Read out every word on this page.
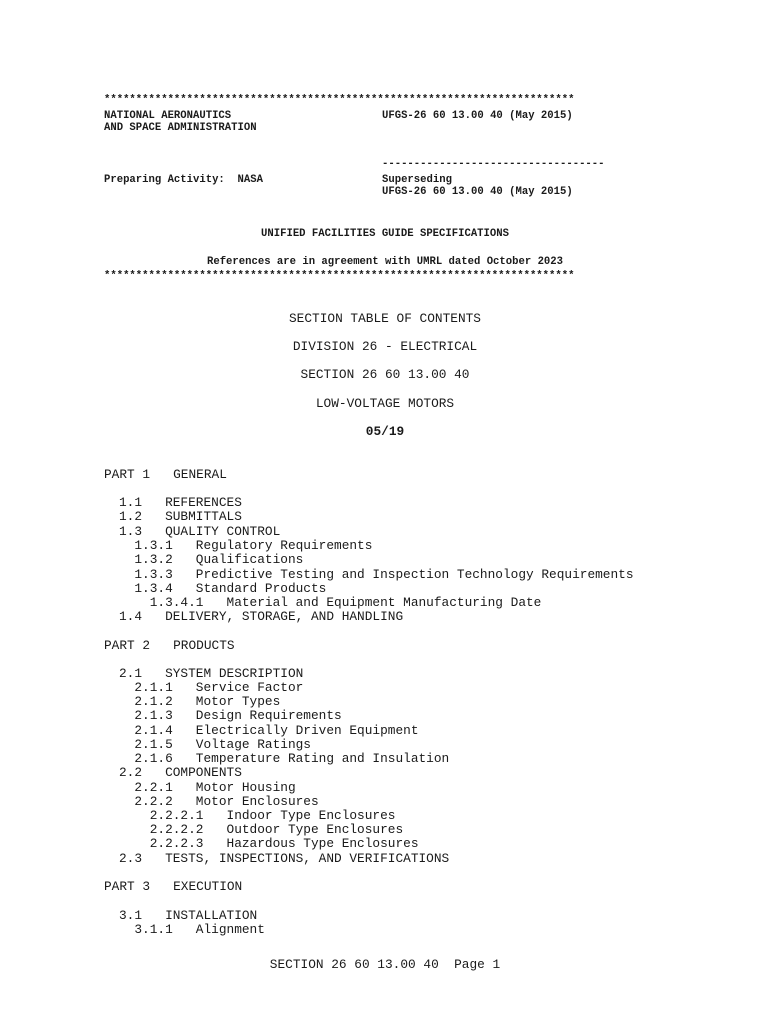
**************************************************************************
NATIONAL AERONAUTICS	UFGS-26 60 13.00 40 (May 2015)
AND SPACE ADMINISTRATION
-----------------------------------
Preparing Activity:  NASA	Superseding
UFGS-26 60 13.00 40 (May 2015)
UNIFIED FACILITIES GUIDE SPECIFICATIONS
References are in agreement with UMRL dated October 2023
**************************************************************************
SECTION TABLE OF CONTENTS
DIVISION 26 - ELECTRICAL
SECTION 26 60 13.00 40
LOW-VOLTAGE MOTORS
05/19
PART 1   GENERAL
1.1   REFERENCES
1.2   SUBMITTALS
1.3   QUALITY CONTROL
1.3.1   Regulatory Requirements
1.3.2   Qualifications
1.3.3   Predictive Testing and Inspection Technology Requirements
1.3.4   Standard Products
1.3.4.1   Material and Equipment Manufacturing Date
1.4   DELIVERY, STORAGE, AND HANDLING
PART 2   PRODUCTS
2.1   SYSTEM DESCRIPTION
2.1.1   Service Factor
2.1.2   Motor Types
2.1.3   Design Requirements
2.1.4   Electrically Driven Equipment
2.1.5   Voltage Ratings
2.1.6   Temperature Rating and Insulation
2.2   COMPONENTS
2.2.1   Motor Housing
2.2.2   Motor Enclosures
2.2.2.1   Indoor Type Enclosures
2.2.2.2   Outdoor Type Enclosures
2.2.2.3   Hazardous Type Enclosures
2.3   TESTS, INSPECTIONS, AND VERIFICATIONS
PART 3   EXECUTION
3.1   INSTALLATION
3.1.1   Alignment
SECTION 26 60 13.00 40  Page 1
